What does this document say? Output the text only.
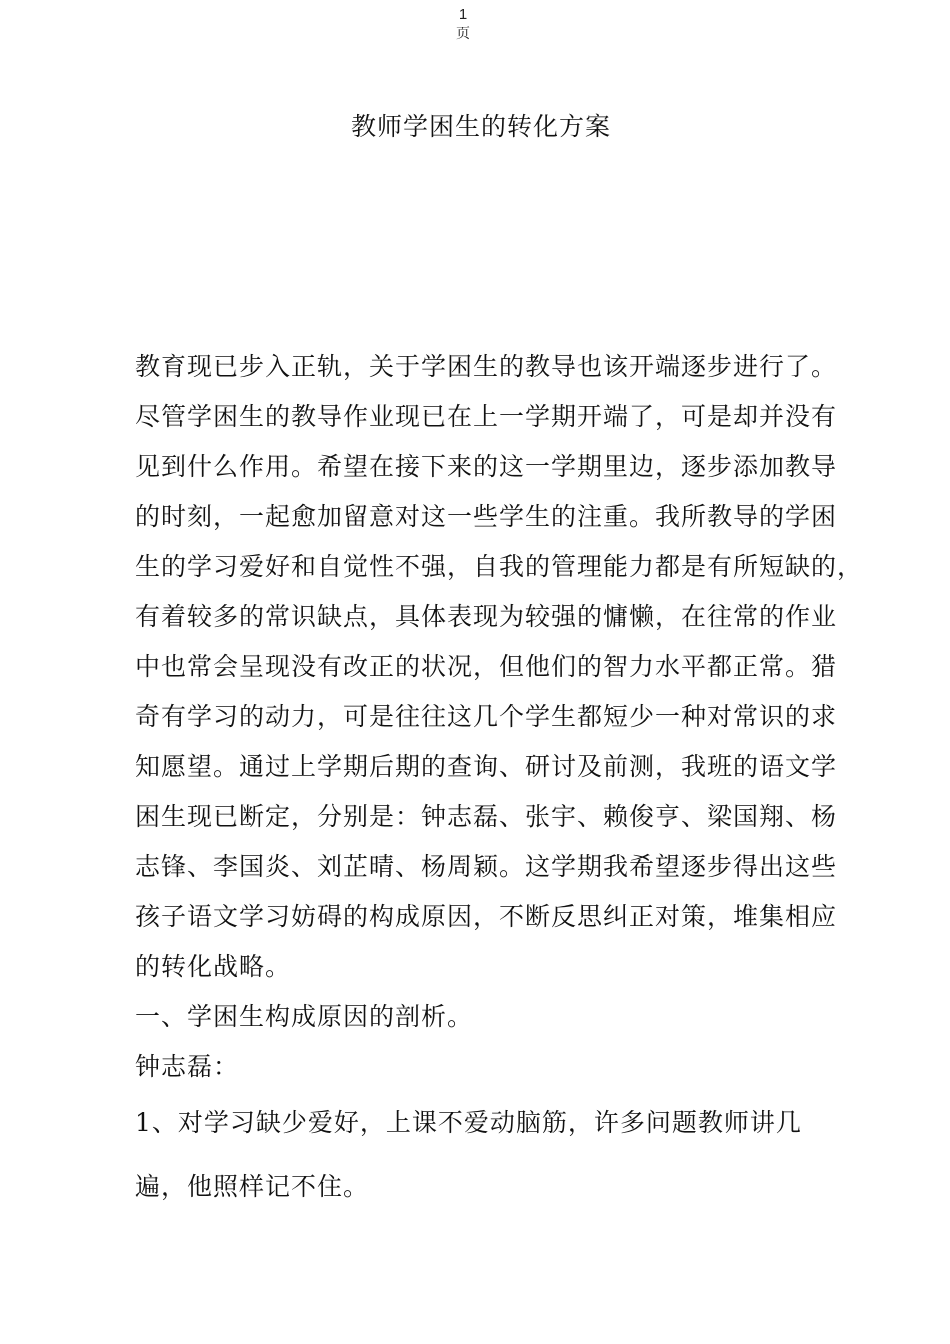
1
页
教师学困生的转化方案

教育现已步入正轨，关于学困生的教导也该开端逐步进行了。
尽管学困生的教导作业现已在上一学期开端了，可是却并没有
见到什么作用。希望在接下来的这一学期里边，逐步添加教导
的时刻，一起愈加留意对这一些学生的注重。我所教导的学困
生的学习爱好和自觉性不强，自我的管理能力都是有所短缺的，
有着较多的常识缺点，具体表现为较强的慵懒，在往常的作业
中也常会呈现没有改正的状况，但他们的智力水平都正常。猎
奇有学习的动力，可是往往这几个学生都短少一种对常识的求
知愿望。通过上学期后期的查询、研讨及前测，我班的语文学
困生现已断定，分别是：钟志磊、张宇、赖俊亨、梁国翔、杨
志锋、李国炎、刘芷晴、杨周颖。这学期我希望逐步得出这些
孩子语文学习妨碍的构成原因，不断反思纠正对策，堆集相应
的转化战略。

一、学困生构成原因的剖析。

钟志磊：

1、对学习缺少爱好，上课不爱动脑筋，许多问题教师讲几
遍，他照样记不住。
